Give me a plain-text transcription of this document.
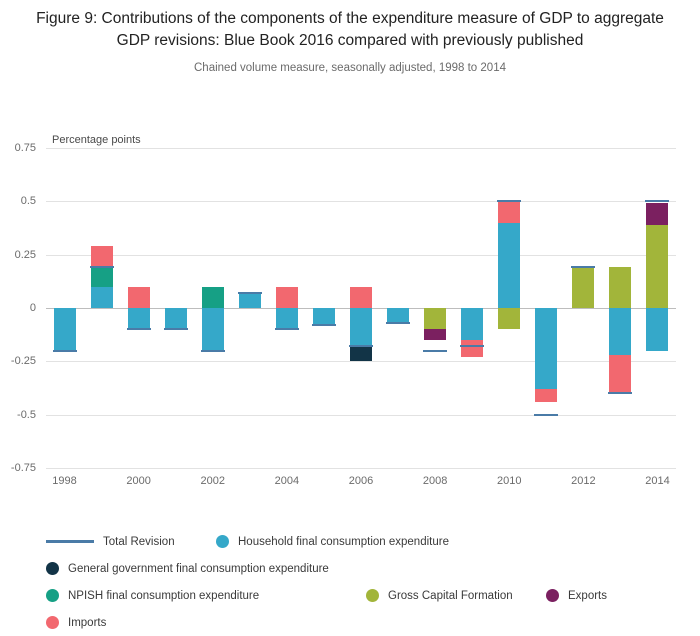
Figure 9: Contributions of the components of the expenditure measure of GDP to aggregate GDP revisions: Blue Book 2016 compared with previously published
Chained volume measure, seasonally adjusted, 1998 to 2014
Percentage points
0.75
0.5
0.25
0
-0.25
-0.5
-0.75
1998	2000	2002	2004	2006	2008	2010	2012	2014
Total Revision	Household final consumption expenditure
General government final consumption expenditure
NPISH final consumption expenditure	Gross Capital Formation	Exports
Imports
